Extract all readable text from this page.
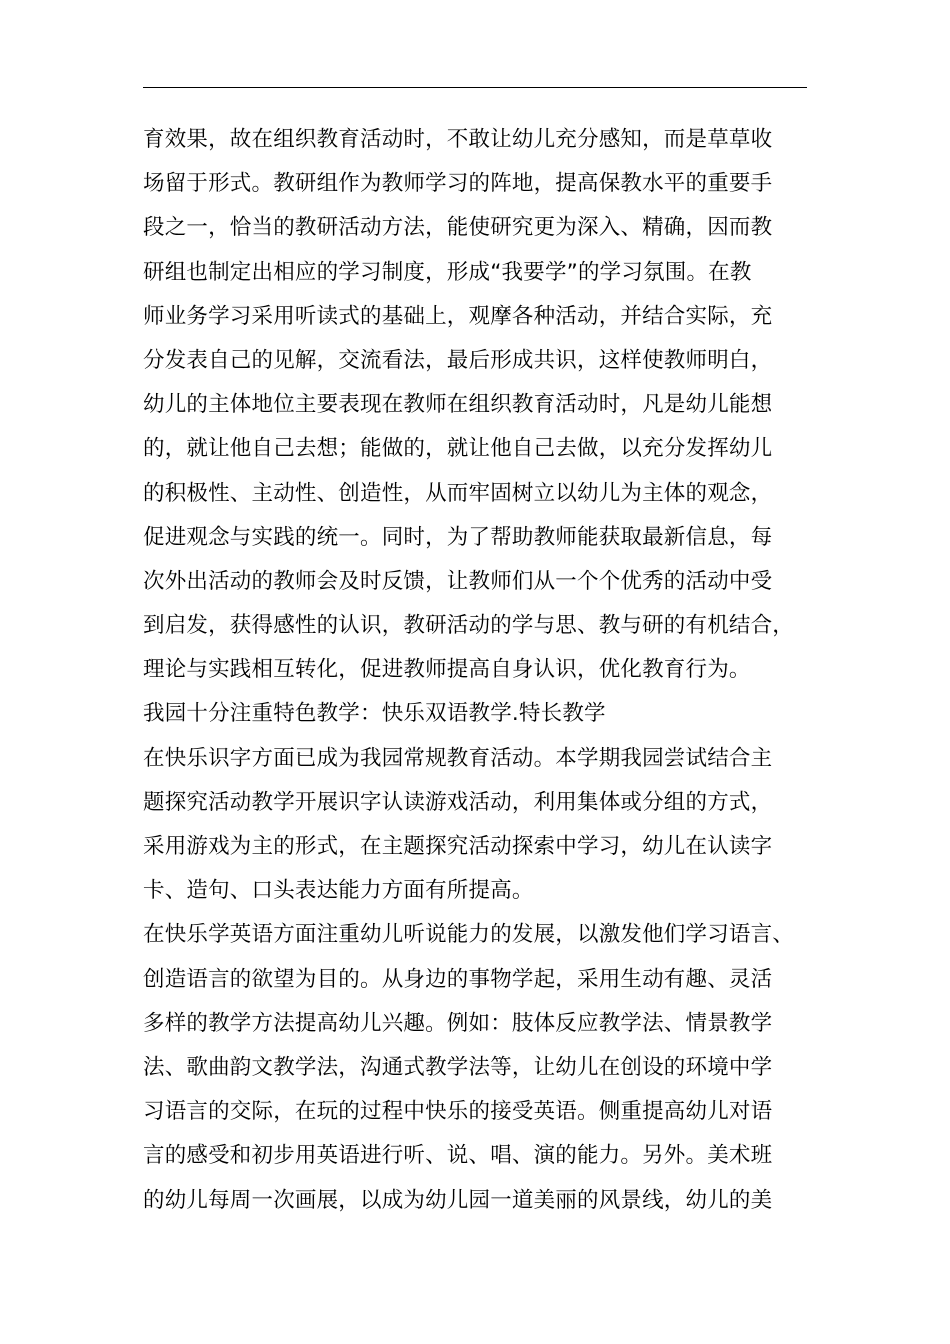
育效果，故在组织教育活动时，不敢让幼儿充分感知，而是草草收
场留于形式。教研组作为教师学习的阵地，提高保教水平的重要手
段之一，恰当的教研活动方法，能使研究更为深入、精确，因而教
研组也制定出相应的学习制度，形成“我要学”的学习氛围。在教
师业务学习采用听读式的基础上，观摩各种活动，并结合实际，充
分发表自己的见解，交流看法，最后形成共识，这样使教师明白，
幼儿的主体地位主要表现在教师在组织教育活动时，凡是幼儿能想
的，就让他自己去想；能做的，就让他自己去做，以充分发挥幼儿
的积极性、主动性、创造性，从而牢固树立以幼儿为主体的观念，
促进观念与实践的统一。同时，为了帮助教师能获取最新信息，每
次外出活动的教师会及时反馈，让教师们从一个个优秀的活动中受
到启发，获得感性的认识，教研活动的学与思、教与研的有机结合，
理论与实践相互转化，促进教师提高自身认识，优化教育行为。
我园十分注重特色教学：快乐双语教学.特长教学
在快乐识字方面已成为我园常规教育活动。本学期我园尝试结合主
题探究活动教学开展识字认读游戏活动，利用集体或分组的方式，
采用游戏为主的形式，在主题探究活动探索中学习，幼儿在认读字
卡、造句、口头表达能力方面有所提高。
在快乐学英语方面注重幼儿听说能力的发展，以激发他们学习语言、
创造语言的欲望为目的。从身边的事物学起，采用生动有趣、灵活
多样的教学方法提高幼儿兴趣。例如：肢体反应教学法、情景教学
法、歌曲韵文教学法，沟通式教学法等，让幼儿在创设的环境中学
习语言的交际，在玩的过程中快乐的接受英语。侧重提高幼儿对语
言的感受和初步用英语进行听、说、唱、演的能力。另外。美术班
的幼儿每周一次画展，以成为幼儿园一道美丽的风景线，幼儿的美
